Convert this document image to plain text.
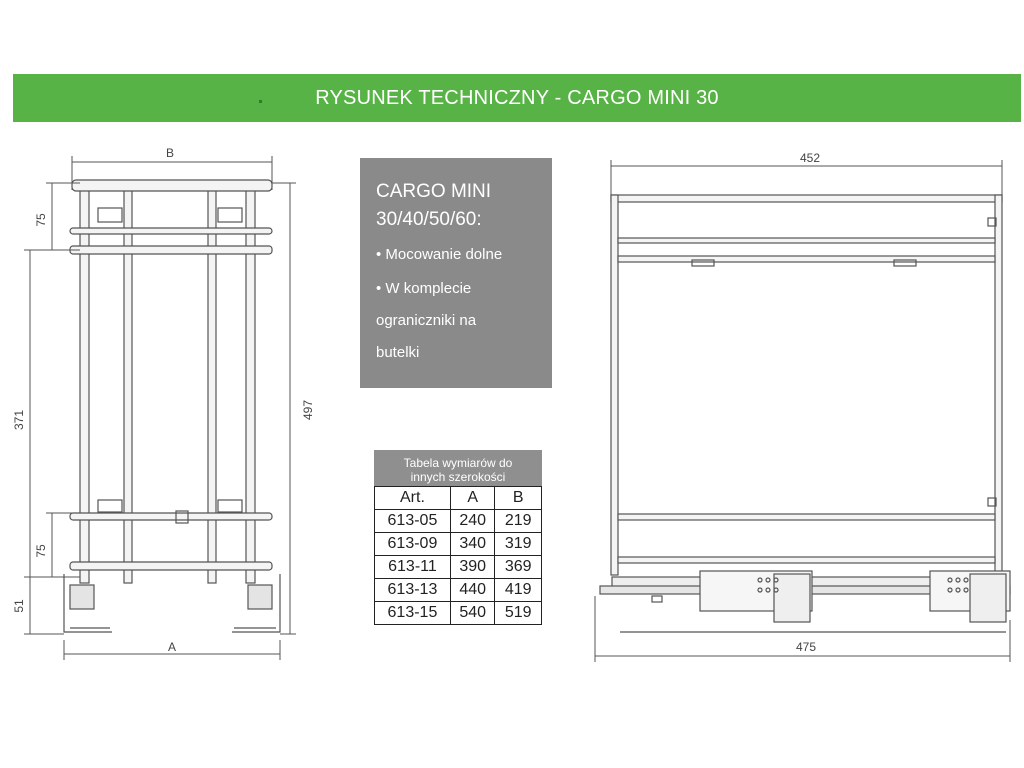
RYSUNEK TECHNICZNY - CARGO MINI 30
B
A
75
371
75
51
497
452
475
CARGO MINI
30/40/50/60:
• Mocowanie dolne
• W komplecie
ograniczniki na
butelki
Tabela wymiarów do
innych szerokości
Art.	A	B
613-05	240	219
613-09	340	319
613-11	390	369
613-13	440	419
613-15	540	519
